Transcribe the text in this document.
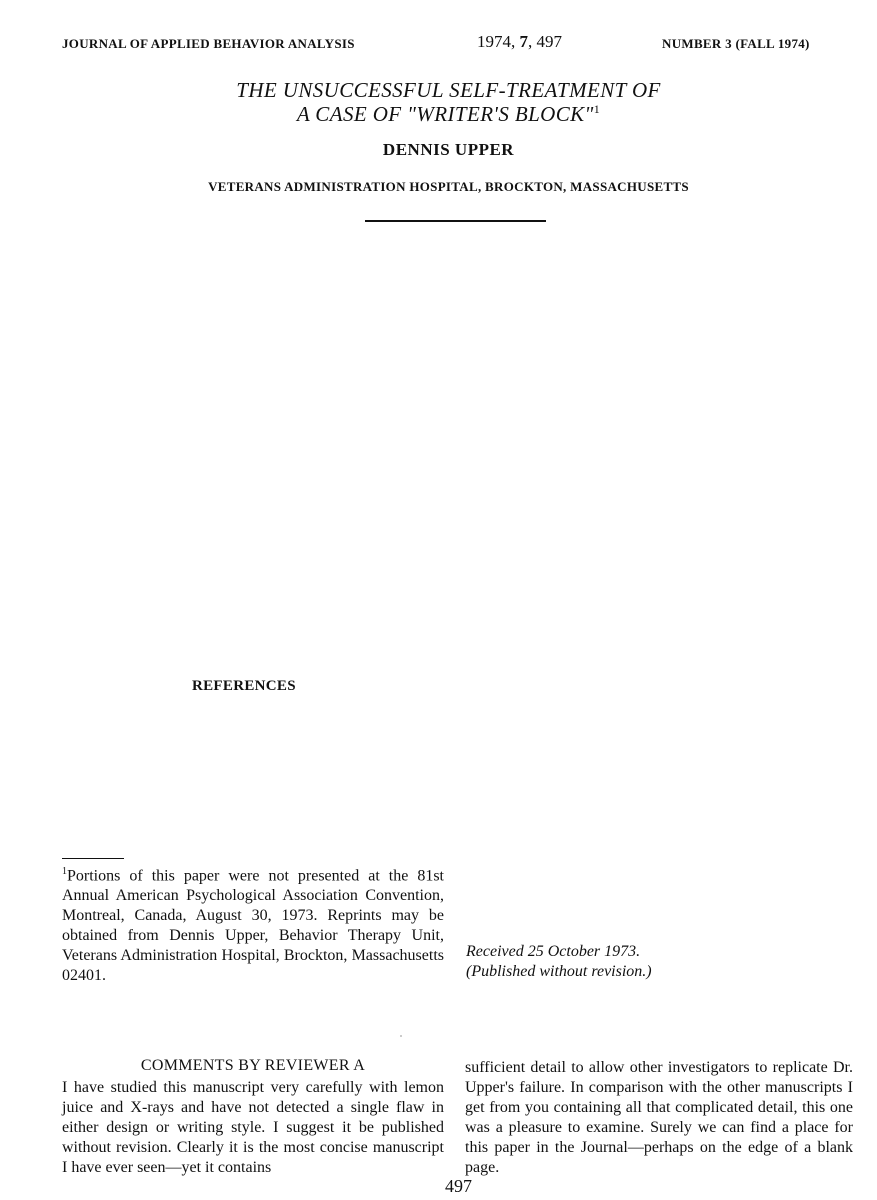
JOURNAL OF APPLIED BEHAVIOR ANALYSIS	1974, 7, 497	NUMBER 3 (FALL 1974)
THE UNSUCCESSFUL SELF-TREATMENT OF
A CASE OF "WRITER'S BLOCK"$^1$
DENNIS UPPER
VETERANS ADMINISTRATION HOSPITAL, BROCKTON, MASSACHUSETTS
REFERENCES
$^1$Portions of this paper were not presented at the 81st Annual American Psychological Association Convention, Montreal, Canada, August 30, 1973. Reprints may be obtained from Dennis Upper, Behavior Therapy Unit, Veterans Administration Hospital, Brockton, Massachusetts 02401.
Received 25 October 1973.
(Published without revision.)
COMMENTS BY REVIEWER A
I have studied this manuscript very carefully with lemon juice and X-rays and have not detected a single flaw in either design or writing style. I suggest it be published without revision. Clearly it is the most concise manuscript I have ever seen—yet it contains
sufficient detail to allow other investigators to replicate Dr. Upper's failure. In comparison with the other manuscripts I get from you containing all that complicated detail, this one was a pleasure to examine. Surely we can find a place for this paper in the Journal—perhaps on the edge of a blank page.
497
